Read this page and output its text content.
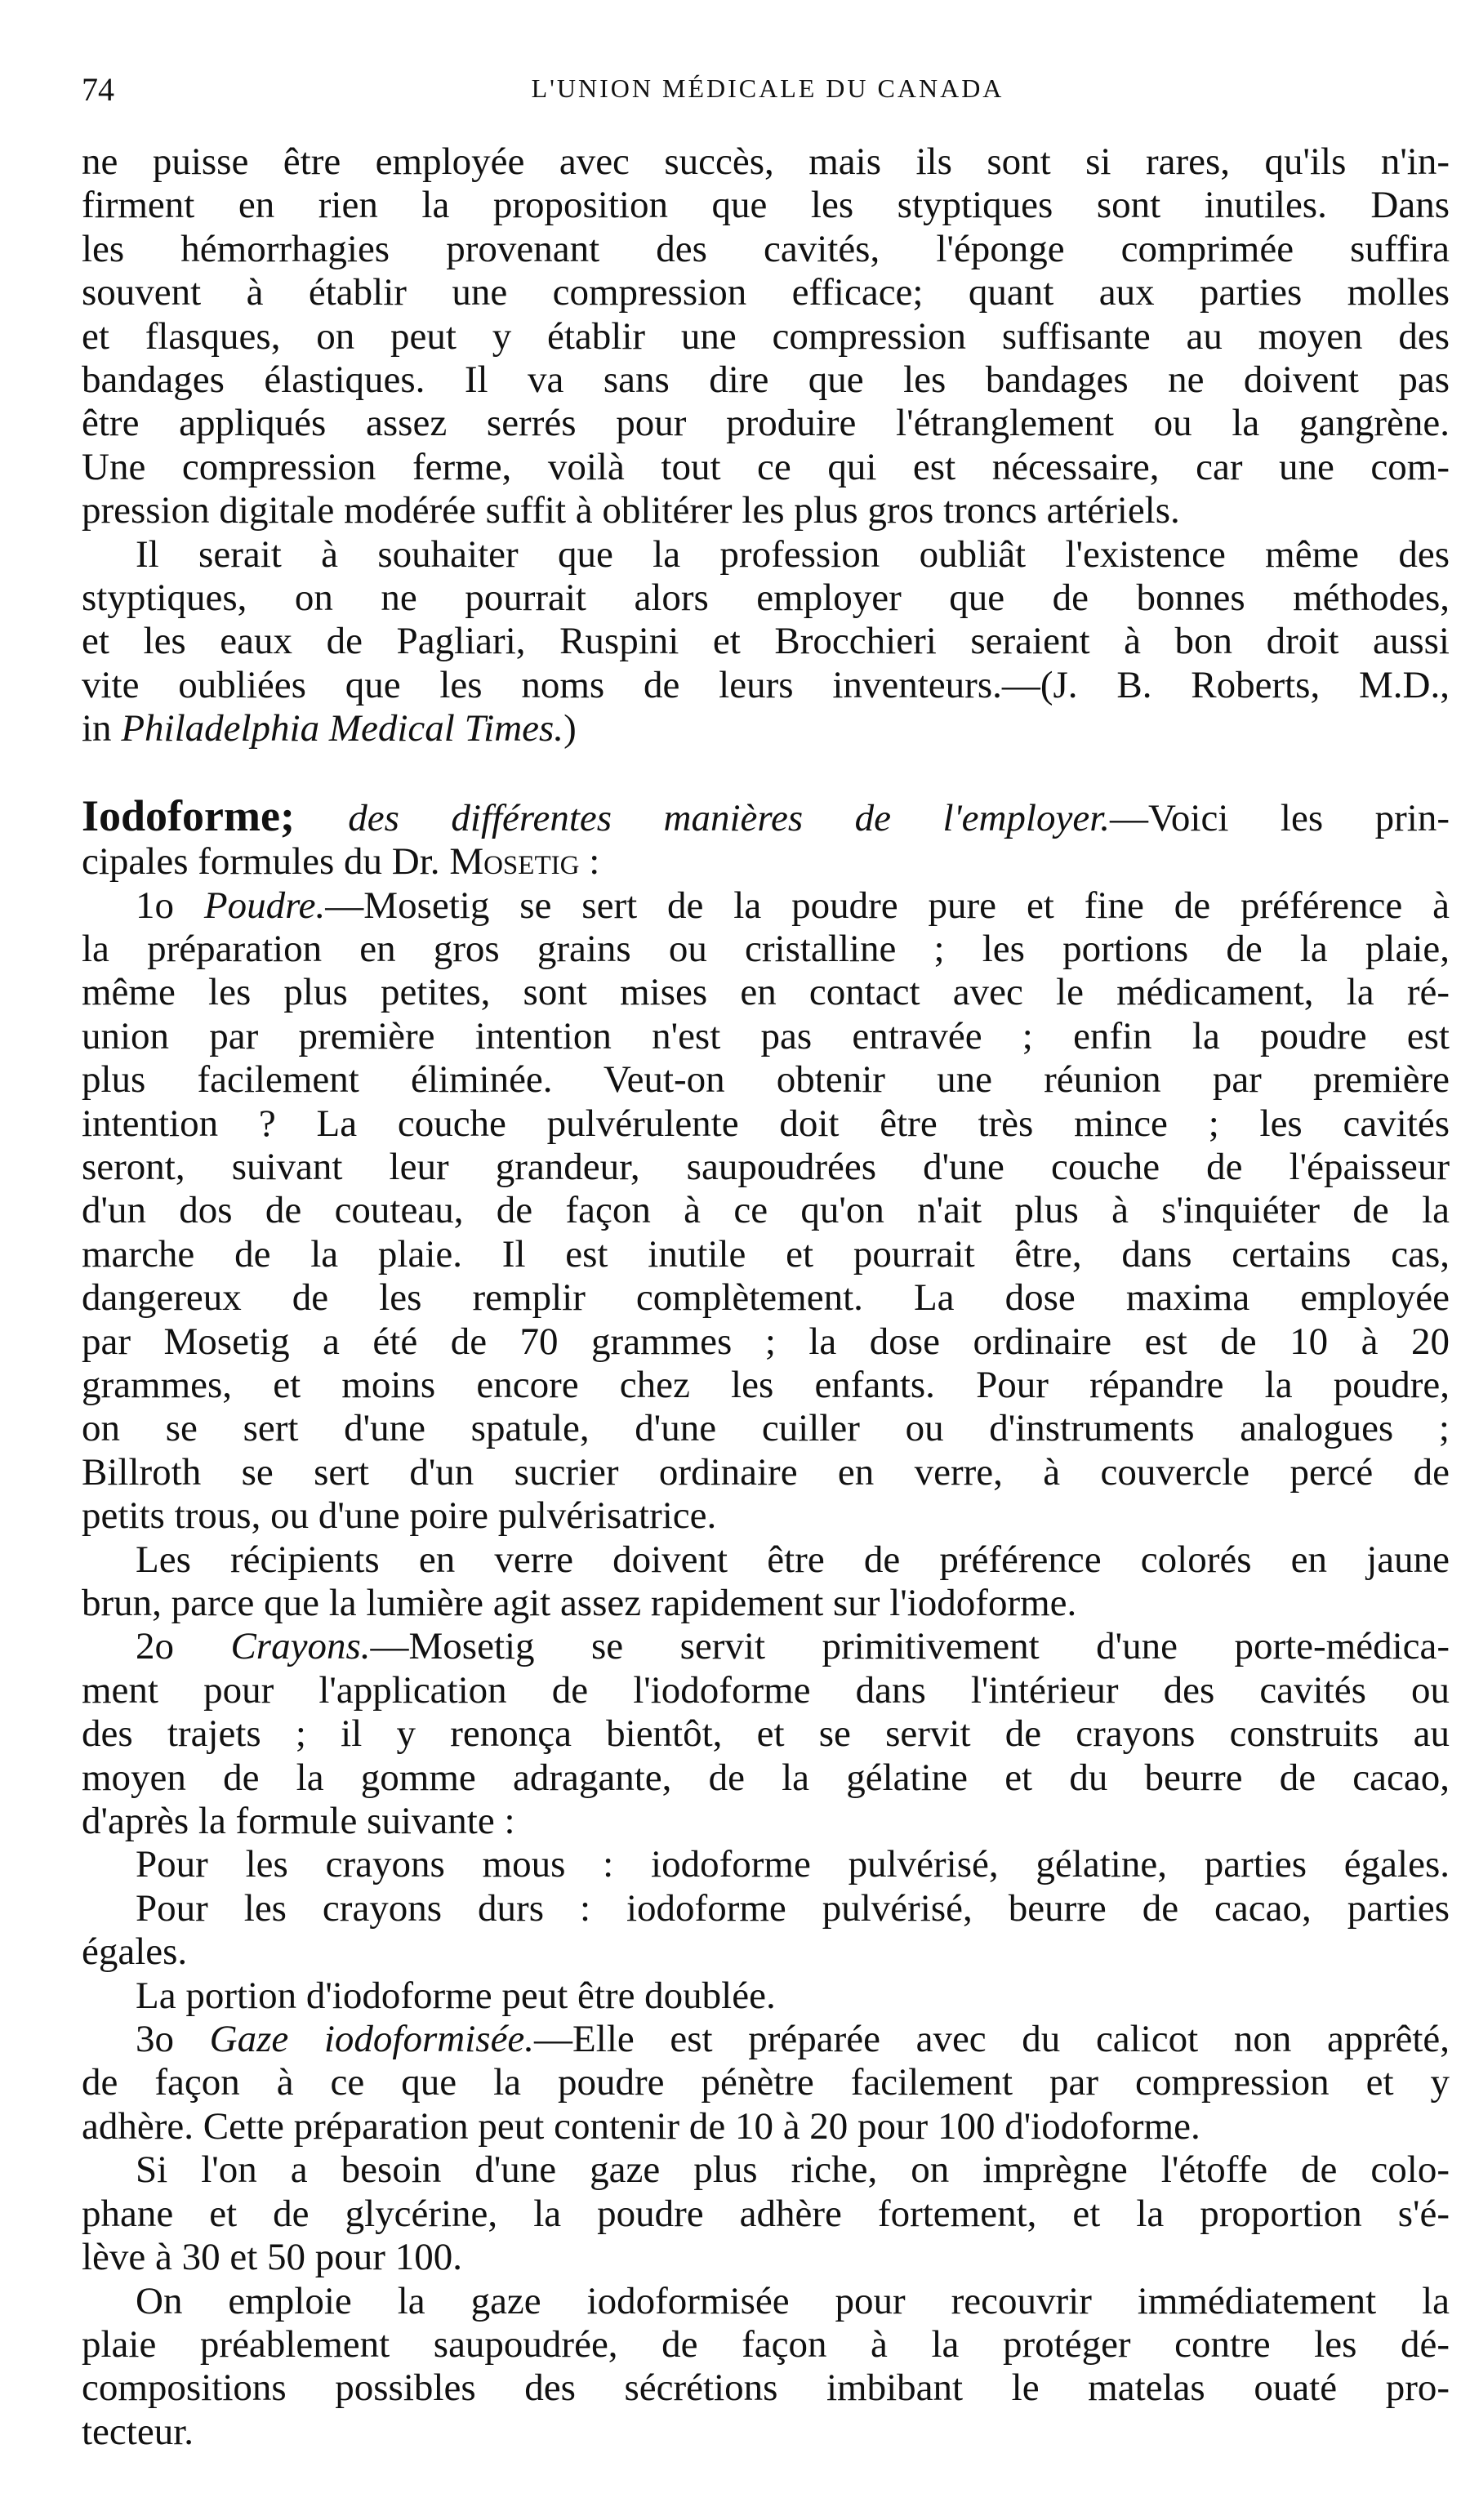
74	L'UNION MÉDICALE DU CANADA

ne puisse être employée avec succès, mais ils sont si rares, qu'ils n'in-

firment en rien la proposition que les styptiques sont inutiles. Dans

les hémorrhagies provenant des cavités, l'éponge comprimée suffira

souvent à établir une compression efficace; quant aux parties molles

et flasques, on peut y établir une compression suffisante au moyen des

bandages élastiques. Il va sans dire que les bandages ne doivent pas

être appliqués assez serrés pour produire l'étranglement ou la gangrène.

Une compression ferme, voilà tout ce qui est nécessaire, car une com-

pression digitale modérée suffit à oblitérer les plus gros troncs artériels.

Il serait à souhaiter que la profession oubliât l'existence même des

styptiques, on ne pourrait alors employer que de bonnes méthodes,

et les eaux de Pagliari, Ruspini et Brocchieri seraient à bon droit aussi

vite oubliées que les noms de leurs inventeurs.—(J. B. Roberts, M.D.,

in Philadelphia Medical Times.)

Iodoforme; des différentes manières de l'employer.—Voici les prin-

cipales formules du Dr. Mosetig :

1o Poudre.—Mosetig se sert de la poudre pure et fine de préférence à

la préparation en gros grains ou cristalline ; les portions de la plaie,

même les plus petites, sont mises en contact avec le médicament, la ré-

union par première intention n'est pas entravée ; enfin la poudre est

plus facilement éliminée. Veut-on obtenir une réunion par première

intention ? La couche pulvérulente doit être très mince ; les cavités

seront, suivant leur grandeur, saupoudrées d'une couche de l'épaisseur

d'un dos de couteau, de façon à ce qu'on n'ait plus à s'inquiéter de la

marche de la plaie. Il est inutile et pourrait être, dans certains cas,

dangereux de les remplir complètement. La dose maxima employée

par Mosetig a été de 70 grammes ; la dose ordinaire est de 10 à 20

grammes, et moins encore chez les enfants. Pour répandre la poudre,

on se sert d'une spatule, d'une cuiller ou d'instruments analogues ;

Billroth se sert d'un sucrier ordinaire en verre, à couvercle percé de

petits trous, ou d'une poire pulvérisatrice.

Les récipients en verre doivent être de préférence colorés en jaune

brun, parce que la lumière agit assez rapidement sur l'iodoforme.

2o Crayons.—Mosetig se servit primitivement d'une porte-médica-

ment pour l'application de l'iodoforme dans l'intérieur des cavités ou

des trajets ; il y renonça bientôt, et se servit de crayons construits au

moyen de la gomme adragante, de la gélatine et du beurre de cacao,

d'après la formule suivante :

Pour les crayons mous : iodoforme pulvérisé, gélatine, parties égales.

Pour les crayons durs : iodoforme pulvérisé, beurre de cacao, parties

égales.

La portion d'iodoforme peut être doublée.

3o Gaze iodoformisée.—Elle est préparée avec du calicot non apprêté,

de façon à ce que la poudre pénètre facilement par compression et y

adhère. Cette préparation peut contenir de 10 à 20 pour 100 d'iodoforme.

Si l'on a besoin d'une gaze plus riche, on imprègne l'étoffe de colo-

phane et de glycérine, la poudre adhère fortement, et la proportion s'é-

lève à 30 et 50 pour 100.

On emploie la gaze iodoformisée pour recouvrir immédiatement la

plaie préablement saupoudrée, de façon à la protéger contre les dé-

compositions possibles des sécrétions imbibant le matelas ouaté pro-

tecteur.
